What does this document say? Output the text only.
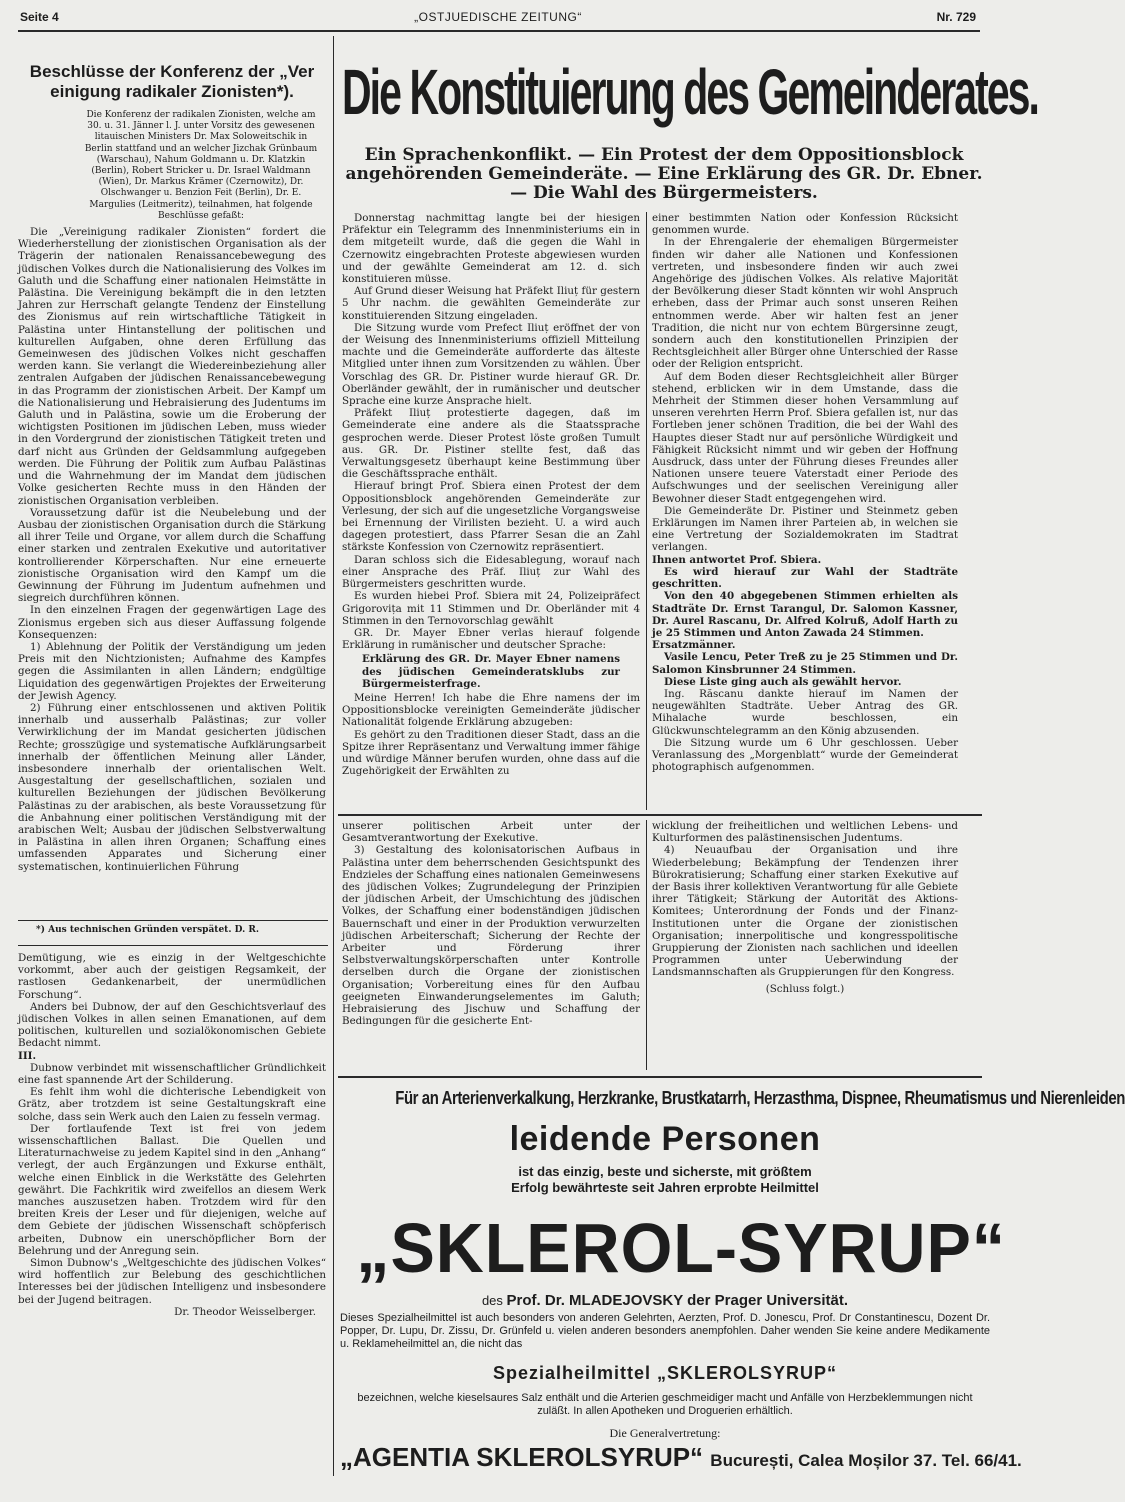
Seite 4	„OSTJUEDISCHE ZEITUNG“	Nr. 729

Beschlüsse der Konferenz der „Ver

einigung radikaler Zionisten*).

Die Konferenz der radikalen Zionisten, welche am 30. u. 31. Jänner l. J. unter Vorsitz des gewesenen litauischen Ministers Dr. Max Soloweitschik in Berlin stattfand und an welcher Jizchak Grünbaum (Warschau), Nahum Goldmann u. Dr. Klatzkin (Berlin), Robert Stricker u. Dr. Israel Waldmann (Wien), Dr. Markus Krämer (Czernowitz), Dr. Olschwanger u. Benzion Feit (Berlin), Dr. E. Margulies (Leitmeritz), teilnahmen, hat folgende Beschlüsse gefaßt:

Die „Vereinigung radikaler Zionisten“ fordert die Wiederherstellung der zionistischen Organisation als der Trägerin der nationalen Renaissancebewegung des jüdischen Volkes durch die Nationalisierung des Volkes im Galuth und die Schaffung einer nationalen Heimstätte in Palästina. Die Vereinigung bekämpft die in den letzten Jahren zur Herrschaft gelangte Tendenz der Einstellung des Zionismus auf rein wirtschaftliche Tätigkeit in Palästina unter Hintanstellung der politischen und kulturellen Aufgaben, ohne deren Erfüllung das Gemeinwesen des jüdischen Volkes nicht geschaffen werden kann. Sie verlangt die Wiedereinbeziehung aller zentralen Aufgaben der jüdischen Renaissancebewegung in das Programm der zionistischen Arbeit. Der Kampf um die Nationalisierung und Hebraisierung des Judentums im Galuth und in Palästina, sowie um die Eroberung der wichtigsten Positionen im jüdischen Leben, muss wieder in den Vordergrund der zionistischen Tätigkeit treten und darf nicht aus Gründen der Geldsammlung aufgegeben werden. Die Führung der Politik zum Aufbau Palästinas und die Wahrnehmung der im Mandat dem jüdischen Volke gesicherten Rechte muss in den Händen der zionistischen Organisation verbleiben.

Voraussetzung dafür ist die Neubelebung und der Ausbau der zionistischen Organisation durch die Stärkung all ihrer Teile und Organe, vor allem durch die Schaffung einer starken und zentralen Exekutive und autoritativer kontrollierender Körperschaften. Nur eine erneuerte zionistische Organisation wird den Kampf um die Gewinnung der Führung im Judentum aufnehmen und siegreich durchführen können.

In den einzelnen Fragen der gegenwärtigen Lage des Zionismus ergeben sich aus dieser Auffassung folgende Konsequenzen:

1) Ablehnung der Politik der Verständigung um jeden Preis mit den Nichtzionisten; Aufnahme des Kampfes gegen die Assimilanten in allen Ländern; endgültige Liquidation des gegenwärtigen Projektes der Erweiterung der Jewish Agency.

2) Führung einer entschlossenen und aktiven Politik innerhalb und ausserhalb Palästinas; zur voller Verwirklichung der im Mandat gesicherten jüdischen Rechte; grosszügige und systematische Aufklärungsarbeit innerhalb der öffentlichen Meinung aller Länder, insbesondere innerhalb der orientalischen Welt. Ausgestaltung der gesellschaftlichen, sozialen und kulturellen Beziehungen der jüdischen Bevölkerung Palästinas zu der arabischen, als beste Voraussetzung für die Anbahnung einer politischen Verständigung mit der arabischen Welt; Ausbau der jüdischen Selbstverwaltung in Palästina in allen ihren Organen; Schaffung eines umfassenden Apparates und Sicherung einer systematischen, kontinuierlichen Führung

*) Aus technischen Gründen verspätet. D. R.

Demütigung, wie es einzig in der Weltgeschichte vorkommt, aber auch der geistigen Regsamkeit, der rastlosen Gedankenarbeit, der unermüdlichen Forschung“.

Anders bei Dubnow, der auf den Geschichtsverlauf des jüdischen Volkes in allen seinen Emanationen, auf dem politischen, kulturellen und sozialökonomischen Gebiete Bedacht nimmt.

III.

Dubnow verbindet mit wissenschaftlicher Gründlichkeit eine fast spannende Art der Schilderung.

Es fehlt ihm wohl die dichterische Lebendigkeit von Grätz, aber trotzdem ist seine Gestaltungskraft eine solche, dass sein Werk auch den Laien zu fesseln vermag.

Der fortlaufende Text ist frei von jedem wissenschaftlichen Ballast. Die Quellen und Literaturnachweise zu jedem Kapitel sind in den „Anhang“ verlegt, der auch Ergänzungen und Exkurse enthält, welche einen Einblick in die Werkstätte des Gelehrten gewährt. Die Fachkritik wird zweifellos an diesem Werk manches auszusetzen haben. Trotzdem wird für den breiten Kreis der Leser und für diejenigen, welche auf dem Gebiete der jüdischen Wissenschaft schöpferisch arbeiten, Dubnow ein unerschöpflicher Born der Belehrung und der Anregung sein.

Simon Dubnow's „Weltgeschichte des jüdischen Volkes“ wird hoffentlich zur Belebung des geschichtlichen Interesses bei der jüdischen Intelligenz und insbesondere bei der Jugend beitragen.

Dr. Theodor Weisselberger.

Die Konstituierung des Gemeinderates.
Ein Sprachenkonflikt. — Ein Protest der dem Oppositionsblock angehörenden Gemeinderäte. — Eine Erklärung des GR. Dr. Ebner. — Die Wahl des Bürgermeisters.

Donnerstag nachmittag langte bei der hiesigen Präfektur ein Telegramm des Innenministeriums ein in dem mitgeteilt wurde, daß die gegen die Wahl in Czernowitz eingebrachten Proteste abgewiesen wurden und der gewählte Gemeinderat am 12. d. sich konstituieren müsse.

Auf Grund dieser Weisung hat Präfekt Iliuț für gestern 5 Uhr nachm. die gewählten Gemeinderäte zur konstituierenden Sitzung eingeladen.

Die Sitzung wurde vom Prefect Iliuț eröffnet der von der Weisung des Innenministeriums offiziell Mitteilung machte und die Gemeinderäte aufforderte das älteste Mitglied unter ihnen zum Vorsitzenden zu wählen. Über Vorschlag des GR. Dr. Pistiner wurde hierauf GR. Dr. Oberländer gewählt, der in rumänischer und deutscher Sprache eine kurze Ansprache hielt.

Präfekt Iliuț protestierte dagegen, daß im Gemeinderate eine andere als die Staatssprache gesprochen werde. Dieser Protest löste großen Tumult aus. GR. Dr. Pistiner stellte fest, daß das Verwaltungsgesetz überhaupt keine Bestimmung über die Geschäftssprache enthält.

Hierauf bringt Prof. Sbiera einen Protest der dem Oppositionsblock angehörenden Gemeinderäte zur Verlesung, der sich auf die ungesetzliche Vorgangsweise bei Ernennung der Virilisten bezieht. U. a wird auch dagegen protestiert, dass Pfarrer Sesan die an Zahl stärkste Konfession von Czernowitz repräsentiert.

Daran schloss sich die Eidesablegung, worauf nach einer Ansprache des Präf. Iliuț zur Wahl des Bürgermeisters geschritten wurde.

Es wurden hiebei Prof. Sbiera mit 24, Polizeipräfect Grigorovița mit 11 Stimmen und Dr. Oberländer mit 4 Stimmen in den Ternovorschlag gewählt

GR. Dr. Mayer Ebner verlas hierauf folgende Erklärung in rumänischer und deutscher Sprache:

Erklärung des GR. Dr. Mayer Ebner namens des jüdischen Gemeinderatsklubs zur Bürgermeisterfrage.

Meine Herren! Ich habe die Ehre namens der im Oppositionsblocke vereinigten Gemeinderäte jüdischer Nationalität folgende Erklärung abzugeben:

Es gehört zu den Traditionen dieser Stadt, dass an die Spitze ihrer Repräsentanz und Verwaltung immer fähige und würdige Männer berufen wurden, ohne dass auf die Zugehörigkeit der Erwählten zu

einer bestimmten Nation oder Konfession Rücksicht genommen wurde.

In der Ehrengalerie der ehemaligen Bürgermeister finden wir daher alle Nationen und Konfessionen vertreten, und insbesondere finden wir auch zwei Angehörige des jüdischen Volkes. Als relative Majorität der Bevölkerung dieser Stadt könnten wir wohl Anspruch erheben, dass der Primar auch sonst unseren Reihen entnommen werde. Aber wir halten fest an jener Tradition, die nicht nur von echtem Bürgersinne zeugt, sondern auch den konstitutionellen Prinzipien der Rechtsgleichheit aller Bürger ohne Unterschied der Rasse oder der Religion entspricht.

Auf dem Boden dieser Rechtsgleichheit aller Bürger stehend, erblicken wir in dem Umstande, dass die Mehrheit der Stimmen dieser hohen Versammlung auf unseren verehrten Herrn Prof. Sbiera gefallen ist, nur das Fortleben jener schönen Tradition, die bei der Wahl des Hauptes dieser Stadt nur auf persönliche Würdigkeit und Fähigkeit Rücksicht nimmt und wir geben der Hoffnung Ausdruck, dass unter der Führung dieses Freundes aller Nationen unsere teuere Vaterstadt einer Periode des Aufschwunges und der seelischen Vereinigung aller Bewohner dieser Stadt entgegengehen wird.

Die Gemeinderäte Dr. Pistiner und Steinmetz geben Erklärungen im Namen ihrer Parteien ab, in welchen sie eine Vertretung der Sozialdemokraten im Stadtrat verlangen.

Ihnen antwortet Prof. Sbiera.

Es wird hierauf zur Wahl der Stadträte geschritten.

Von den 40 abgegebenen Stimmen erhielten als Stadträte Dr. Ernst Tarangul, Dr. Salomon Kassner, Dr. Aurel Rascanu, Dr. Alfred Kolruß, Adolf Harth zu je 25 Stimmen und Anton Zawada 24 Stimmen.

Ersatzmänner.

Vasile Lencu, Peter Treß zu je 25 Stimmen und Dr. Salomon Kinsbrunner 24 Stimmen.

Diese Liste ging auch als gewählt hervor.

Ing. Răscanu dankte hierauf im Namen der neugewählten Stadträte. Ueber Antrag des GR. Mihalache wurde beschlossen, ein Glückwunschtelegramm an den König abzusenden.

Die Sitzung wurde um 6 Uhr geschlossen. Ueber Veranlassung des „Morgenblatt“ wurde der Gemeinderat photographisch aufgenommen.

unserer politischen Arbeit unter der Gesamtverantwortung der Exekutive.

3) Gestaltung des kolonisatorischen Aufbaus in Palästina unter dem beherrschenden Gesichtspunkt des Endzieles der Schaffung eines nationalen Gemeinwesens des jüdischen Volkes; Zugrundelegung der Prinzipien der jüdischen Arbeit, der Umschichtung des jüdischen Volkes, der Schaffung einer bodenständigen jüdischen Bauernschaft und einer in der Produktion verwurzelten jüdischen Arbeiterschaft; Sicherung der Rechte der Arbeiter und Förderung ihrer Selbstverwaltungskörperschaften unter Kontrolle derselben durch die Organe der zionistischen Organisation; Vorbereitung eines für den Aufbau geeigneten Einwanderungselementes im Galuth; Hebraisierung des Jischuw und Schaffung der Bedingungen für die gesicherte Ent-

wicklung der freiheitlichen und weltlichen Lebens- und Kulturformen des palästinensischen Judentums.

4) Neuaufbau der Organisation und ihre Wiederbelebung; Bekämpfung der Tendenzen ihrer Bürokratisierung; Schaffung einer starken Exekutive auf der Basis ihrer kollektiven Verantwortung für alle Gebiete ihrer Tätigkeit; Stärkung der Autorität des Aktions-Komitees; Unterordnung der Fonds und der Finanz-Institutionen unter die Organe der zionistischen Organisation; innerpolitische und kongresspolitische Gruppierung der Zionisten nach sachlichen und ideellen Programmen unter Ueberwindung der Landsmannschaften als Gruppierungen für den Kongress.

(Schluss folgt.)

Für an Arterienverkalkung, Herzkranke, Brustkatarrh, Herzasthma, Dispnee, Rheumatismus und Nierenleiden
leidende Personen
ist das einzig, beste und sicherste, mit größtem
Erfolg bewährteste seit Jahren erprobte Heilmittel
„SKLEROL-SYRUP“
des Prof. Dr. MLADEJOVSKY der Prager Universität.
Dieses Spezialheilmittel ist auch besonders von anderen Gelehrten, Aerzten, Prof. D. Jonescu, Prof. Dr Constantinescu, Dozent Dr. Popper, Dr. Lupu, Dr. Zissu, Dr. Grünfeld u. vielen anderen besonders anempfohlen. Daher wenden Sie keine andere Medikamente u. Reklameheilmittel an, die nicht das
Spezialheilmittel „SKLEROLSYRUP“
bezeichnen, welche kieselsaures Salz enthält und die Arterien geschmeidiger macht und Anfälle von Herzbeklemmungen nicht zuläßt. In allen Apotheken und Droguerien erhältlich.
Die Generalvertretung:
„AGENTIA SKLEROLSYRUP“ București, Calea Moșilor 37. Tel. 66/41.
